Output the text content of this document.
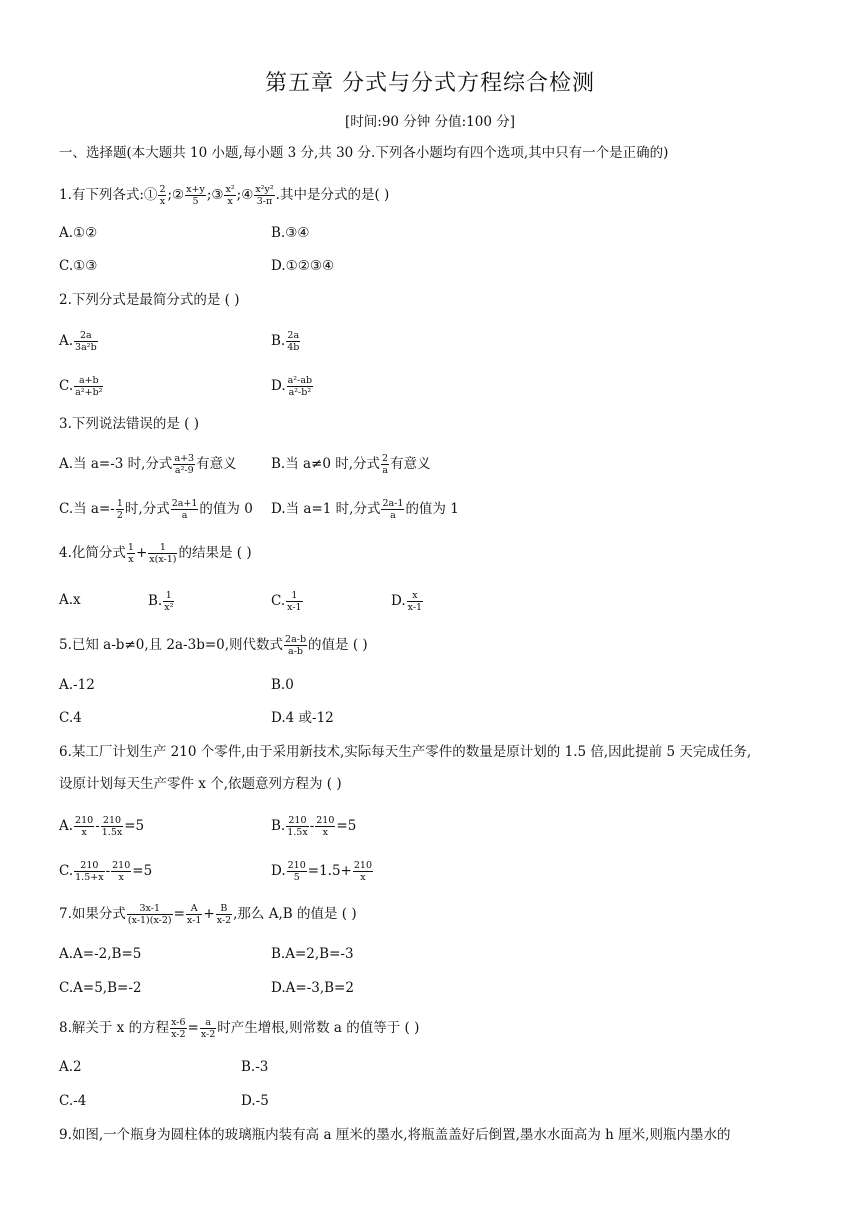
第五章 分式与分式方程综合检测
[时间:90 分钟 分值:100 分]
一、选择题(本大题共 10 小题,每小题 3 分,共 30 分.下列各小题均有四个选项,其中只有一个是正确的)
1.有下列各式:① $\frac{2}{x}$ ;② $\frac{x+y}{5}$ ;③ $\frac{\text{x²}}{x}$ ;④ $\frac{\text{x²y²}}{3-\pi}$ .其中是分式的是( )
A.①②	B.③④
C.①③	D.①②③④
2.下列分式是最简分式的是 ( )
A. $\frac{2a}{\text{3a²b}}$	B. $\frac{2a}{4b}$
C. $\frac{a+b}{\text{a²+b²}}$	D. $\frac{\text{a²-ab}}{\text{a²-b²}}$
3.下列说法错误的是 ( )
A.当 a=-3 时,分式 $\frac{a+3}{\text{a²-9}}$ 有意义	B.当 a≠0 时,分式 $\frac{2}{a}$ 有意义
C.当 $a=- \frac{1}{2}$ 时,分式 $\frac{2a+1}{a}$ 的值为 0 D.当 a=1 时,分式 $\frac{2a-1}{a}$ 的值为 1
4.化简分式 $\frac{1}{x} + \frac{1}{x(x-1)}$ 的结果是 ( )
A.x	B. $\frac{1}{\text{x²}}$	C. $\frac{1}{x-1}$	D. $\frac{x}{x-1}$
5.已知 a-b≠0,且 2a-3b=0,则代数式 $\frac{2a-b}{a-b}$ 的值是 ( )
A.-12	B.0
C.4	D.4 或-12
6.某工厂计划生产 210 个零件,由于采用新技术,实际每天生产零件的数量是原计划的 1.5 倍,因此提前 5 天完成任务,
设原计划每天生产零件 x 个,依题意列方程为 ( )
A. $\frac{210}{x} - \frac{210}{1.5x} =5$	B. $\frac{210}{1.5x} - \frac{210}{x} =5$
C. $\frac{210}{1.5+x} - \frac{210}{x} =5$	D. $\frac{210}{5} =1.5+ \frac{210}{x}$
7.如果分式 $\frac{3x-1}{(x-1)(x-2)} = \frac{A}{x-1} + \frac{B}{x-2}$ ,那么 A,B 的值是 ( )
A.A=-2,B=5	B.A=2,B=-3
C.A=5,B=-2	D.A=-3,B=2
8.解关于 x 的方程 $\frac{x-6}{x-2} = \frac{a}{x-2}$ 时产生增根,则常数 a 的值等于 ( )
A.2	B.-3
C.-4	D.-5
9.如图,一个瓶身为圆柱体的玻璃瓶内装有高 a 厘米的墨水,将瓶盖盖好后倒置,墨水水面高为 h 厘米,则瓶内墨水的
